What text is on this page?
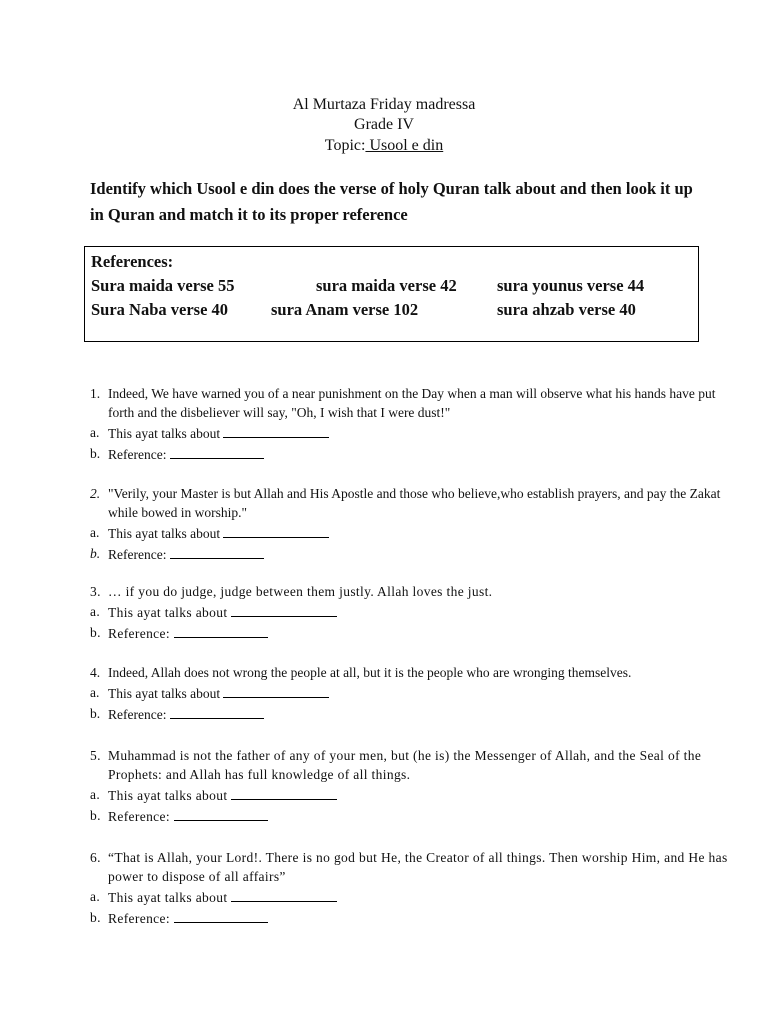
Al Murtaza Friday madressa
Grade IV
Topic: Usool e din
Identify which Usool e din does the verse of holy Quran talk about and then look it up in Quran and match it to its proper reference
References:
Sura maida verse 55	sura maida verse 42 sura younus verse 44
Sura Naba verse 40	sura Anam verse 102	sura ahzab verse 40
1. Indeed, We have warned you of a near punishment on the Day when a man will observe what his hands have put forth and the disbeliever will say, "Oh, I wish that I were dust!"
a. This ayat talks about
b. Reference:
2. "Verily, your Master is but Allah and His Apostle and those who believe,who establish prayers, and pay the Zakat while bowed in worship."
a. This ayat talks about
b. Reference:
3. … if you do judge, judge between them justly. Allah loves the just.
a. This ayat talks about
b. Reference:
4. Indeed, Allah does not wrong the people at all, but it is the people who are wronging themselves.
a. This ayat talks about
b. Reference:
5. Muhammad is not the father of any of your men, but (he is) the Messenger of Allah, and the Seal of the Prophets: and Allah has full knowledge of all things.
a. This ayat talks about
b. Reference:
6. “That is Allah, your Lord!. There is no god but He, the Creator of all things. Then worship Him, and He has power to dispose of all affairs”
a. This ayat talks about
b. Reference:
